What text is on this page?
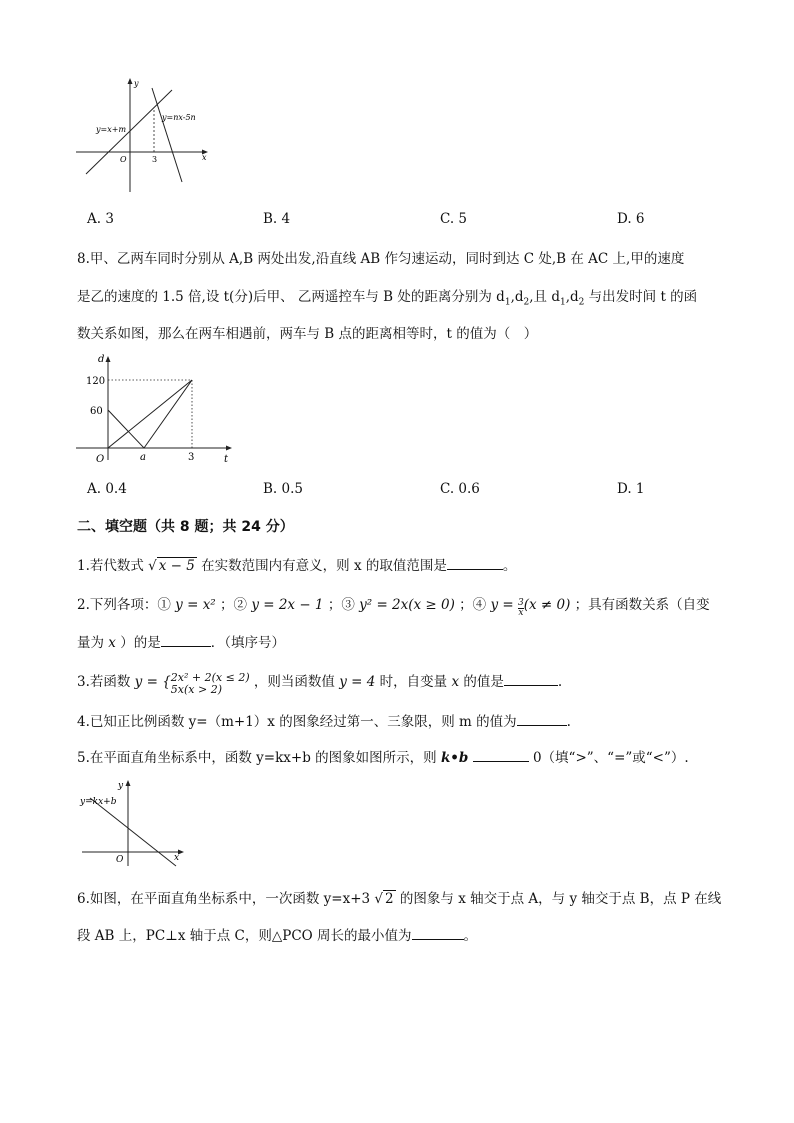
y
x
O	3
y=x+m
y=nx-5n
A. 3	B. 4	C. 5	D. 6
8.甲、乙两车同时分别从 A,B 两处出发,沿直线 AB 作匀速运动，同时到达 C 处,B 在 AC 上,甲的速度
是乙的速度的 1.5 倍,设 t(分)后甲、 乙两遥控车与 B 处的距离分别为 $d_1,d_2$,且 $d_1,d_2$ 与出发时间 t 的函
数关系如图，那么在两车相遇前，两车与 B 点的距离相等时，t 的值为（　）
d
120
60
O	a	3	t
A. 0.4	B. 0.5	C. 0.6	D. 1
二、填空题（共 8 题；共 24 分）
1.若代数式 √ x − 5 在实数范围内有意义，则 x 的取值范围是	。
2.下列各项：① y = x² ；② y = 2x − 1 ；③ y² = 2x(x ≥ 0) ；④ $y = \frac{3}{x} (x \ne 0)$ ；具有函数关系（自变
量为 x ）的是	．（填序号）
3.若函数 y = { 2x² + 2(x ≤ 2)
5x(x > 2)	，则当函数值 y = 4 时，自变量 x 的值是	.
4.已知正比例函数 y=（m+1）x 的图象经过第一、三象限，则 m 的值为	.
5.在平面直角坐标系中，函数 y=kx+b 的图象如图所示，则 k•b	0（填“>”、“=”或“<”）.
y
x
O
y=kx+b
6.如图，在平面直角坐标系中，一次函数 y=x+3 √ 2 的图象与 x 轴交于点 A，与 y 轴交于点 B，点 P 在线
段 AB 上，PC⊥x 轴于点 C，则△PCO 周长的最小值为	。
